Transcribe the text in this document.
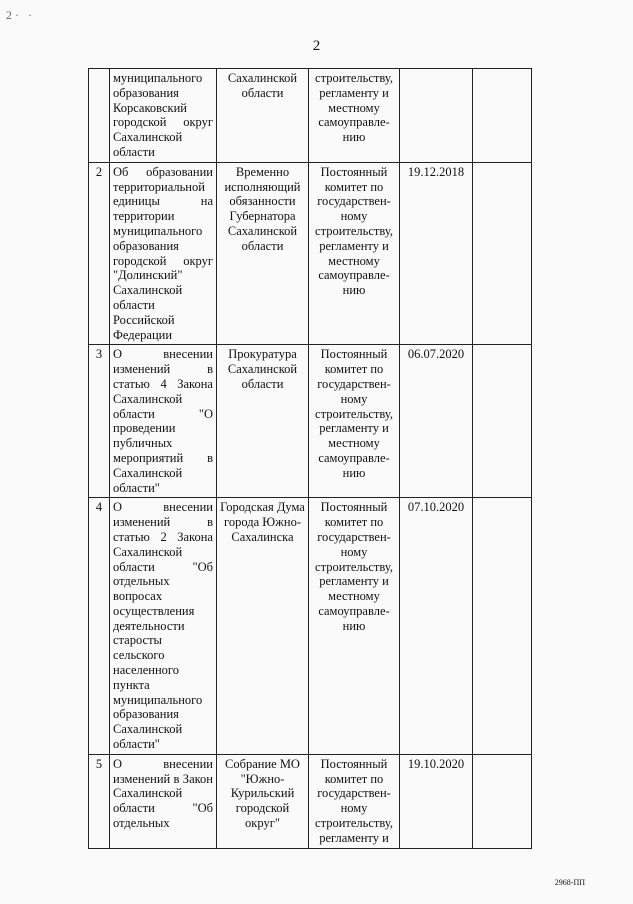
2· ·
2
	муниципального образования Корсаковский городской округ Сахалинской области	Сахалинской области	строительству, регламенту и местному самоуправле-нию		
2	Об образовании территориальной единицы на территории муниципального образования городской округ "Долинский" Сахалинской области Российской Федерации	Временно исполняющий обязанности Губернатора Сахалинской области	Постоянный комитет по государствен-ному строительству, регламенту и местному самоуправле-нию	19.12.2018	
3	О внесении изменений в статью 4 Закона Сахалинской области "О проведении публичных мероприятий в Сахалинской области"	Прокуратура Сахалинской области	Постоянный комитет по государствен-ному строительству, регламенту и местному самоуправле-нию	06.07.2020	
4	О внесении изменений в статью 2 Закона Сахалинской области "Об отдельных вопросах осуществления деятельности старосты сельского населенного пункта муниципального образования Сахалинской области"	Городская Дума города Южно-Сахалинска	Постоянный комитет по государствен-ному строительству, регламенту и местному самоуправле-нию	07.10.2020	
5	О внесении изменений в Закон Сахалинской области "Об отдельных	Собрание МО "Южно-Курильский городской округ"	Постоянный комитет по государствен-ному строительству, регламенту и	19.10.2020	
2968-ПП
